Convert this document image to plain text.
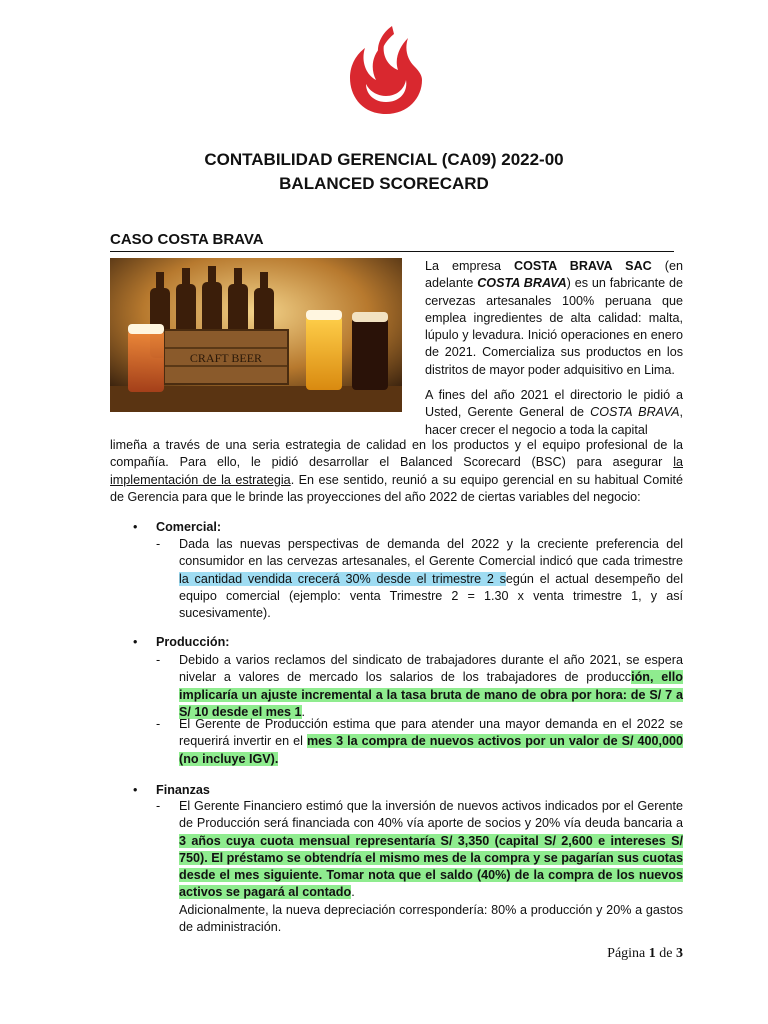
CONTABILIDAD GERENCIAL (CA09) 2022-00
BALANCED SCORECARD
CASO COSTA BRAVA
CRAFT BEER

La empresa COSTA BRAVA SAC (en adelante COSTA BRAVA) es un fabricante de cervezas artesanales 100% peruana que emplea ingredientes de alta calidad: malta, lúpulo y levadura. Inició operaciones en enero de 2021. Comercializa sus productos en los distritos de mayor poder adquisitivo en Lima.

A fines del año 2021 el directorio le pidió a Usted, Gerente General de COSTA BRAVA, hacer crecer el negocio a toda la capital

limeña a través de una seria estrategia de calidad en los productos y el equipo profesional de la compañía. Para ello, le pidió desarrollar el Balanced Scorecard (BSC) para asegurar la implementación de la estrategia. En ese sentido, reunió a su equipo gerencial en su habitual Comité de Gerencia para que le brinde las proyecciones del año 2022 de ciertas variables del negocio:

• Comercial:
- Dada las nuevas perspectivas de demanda del 2022 y la creciente preferencia del consumidor en las cervezas artesanales, el Gerente Comercial indicó que cada trimestre la cantidad vendida crecerá 30% desde el trimestre 2 según el actual desempeño del equipo comercial (ejemplo: venta Trimestre 2 = 1.30 x venta trimestre 1, y así sucesivamente).
• Producción:
- Debido a varios reclamos del sindicato de trabajadores durante el año 2021, se espera nivelar a valores de mercado los salarios de los trabajadores de producción, ello implicaría un ajuste incremental a la tasa bruta de mano de obra por hora: de S/ 7 a S/ 10 desde el mes 1.
- El Gerente de Producción estima que para atender una mayor demanda en el 2022 se requerirá invertir en el mes 3 la compra de nuevos activos por un valor de S/ 400,000 (no incluye IGV).
• Finanzas
- El Gerente Financiero estimó que la inversión de nuevos activos indicados por el Gerente de Producción será financiada con 40% vía aporte de socios y 20% vía deuda bancaria a 3 años cuya cuota mensual representaría S/ 3,350 (capital S/ 2,600 e intereses S/ 750). El préstamo se obtendría el mismo mes de la compra y se pagarían sus cuotas desde el mes siguiente. Tomar nota que el saldo (40%) de la compra de los nuevos activos se pagará al contado.
Adicionalmente, la nueva depreciación correspondería: 80% a producción y 20% a gastos de administración.
Página 1 de 3
